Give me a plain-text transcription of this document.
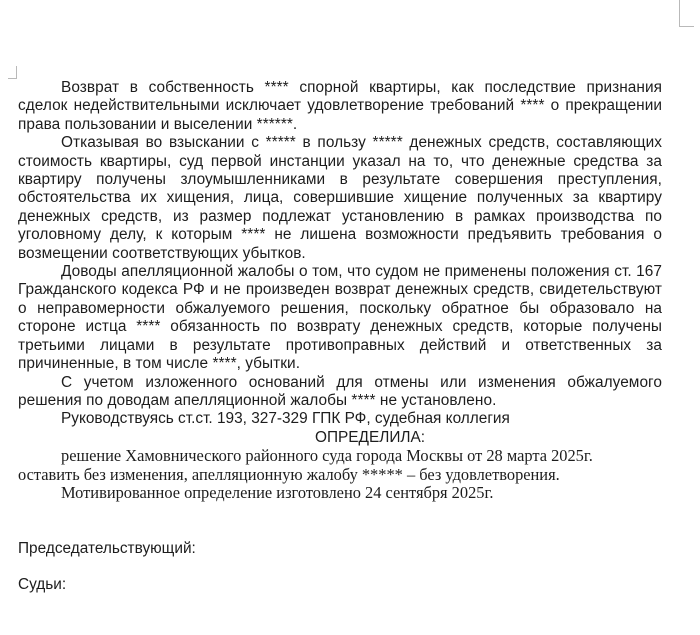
Возврат в собственность **** спорной квартиры, как последствие признания сделок недействительными исключает удовлетворение требований **** о прекращении права пользовании и выселении ******.

Отказывая во взыскании с ***** в пользу ***** денежных средств, составляющих стоимость квартиры, суд первой инстанции указал на то, что денежные средства за квартиру получены злоумышленниками в результате совершения преступления, обстоятельства их хищения, лица, совершившие хищение полученных за квартиру денежных средств, из размер подлежат установлению в рамках производства по уголовному делу, к которым **** не лишена возможности предъявить требования о возмещении соответствующих убытков.

Доводы апелляционной жалобы о том, что судом не применены положения ст. 167 Гражданского кодекса РФ и не произведен возврат денежных средств, свидетельствуют о неправомерности обжалуемого решения, поскольку обратное бы образовало на стороне истца **** обязанность по возврату денежных средств, которые получены третьими лицами в результате противоправных действий и ответственных за причиненные, в том числе ****, убытки.

С учетом изложенного оснований для отмены или изменения обжалуемого решения по доводам апелляционной жалобы **** не установлено.

Руководствуясь ст.ст. 193, 327-329 ГПК РФ, судебная коллегия

ОПРЕДЕЛИЛА:

решение Хамовнического районного суда города Москвы от 28 марта 2025г.

оставить без изменения, апелляционную жалобу ***** – без удовлетворения.

Мотивированное определение изготовлено 24 сентября 2025г.

Председательствующий:
Судьи:
